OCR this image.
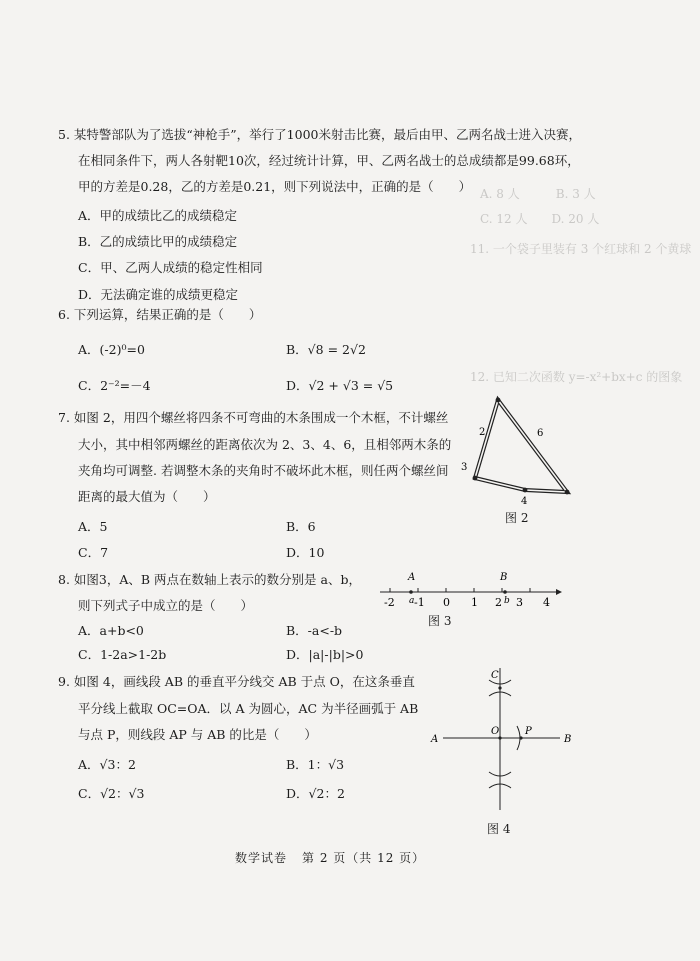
A. 8 人　　　B. 3 人
C. 12 人　　D. 20 人
11. 一个袋子里装有 3 个红球和 2 个黄球
12. 已知二次函数 y=-x²+bx+c 的图象
5. 某特警部队为了选拔“神枪手”，举行了1000米射击比赛，最后由甲、乙两名战士进入决赛，
在相同条件下，两人各射靶10次，经过统计计算，甲、乙两名战士的总成绩都是99.68环，
甲的方差是0.28，乙的方差是0.21，则下列说法中，正确的是（　　）
A．甲的成绩比乙的成绩稳定
B．乙的成绩比甲的成绩稳定
C．甲、乙两人成绩的稳定性相同
D．无法确定谁的成绩更稳定
6. 下列运算，结果正确的是（　　）
A．(-2)⁰=0	B．√8 = 2√2
C．2⁻²=－4	D．√2 + √3 = √5
7. 如图 2，用四个螺丝将四条不可弯曲的木条围成一个木框，不计螺丝
大小，其中相邻两螺丝的距离依次为 2、3、4、6，且相邻两木条的
夹角均可调整. 若调整木条的夹角时不破坏此木框，则任两个螺丝间
距离的最大值为（　　）
A．5	B．6
C．7	D．10
2	6
3
4
图 2
8. 如图3，A、B 两点在数轴上表示的数分别是 a、b，
则下列式子中成立的是（　　）
A．a+b<0	B．-a<-b
C．1-2a>1-2b	D．|a|-|b|>0
A	B
a	b
-2 -1 0 1 2 3 4
图 3
9. 如图 4，画线段 AB 的垂直平分线交 AB 于点 O，在这条垂直
平分线上截取 OC=OA．以 A 为圆心，AC 为半径画弧于 AB
与点 P，则线段 AP 与 AB 的比是（　　）
A．√3：2	B．1：√3
C．√2：√3	D．√2：2
C
A
O	P
B
图 4
数学试卷 第 2 页（共 12 页）
